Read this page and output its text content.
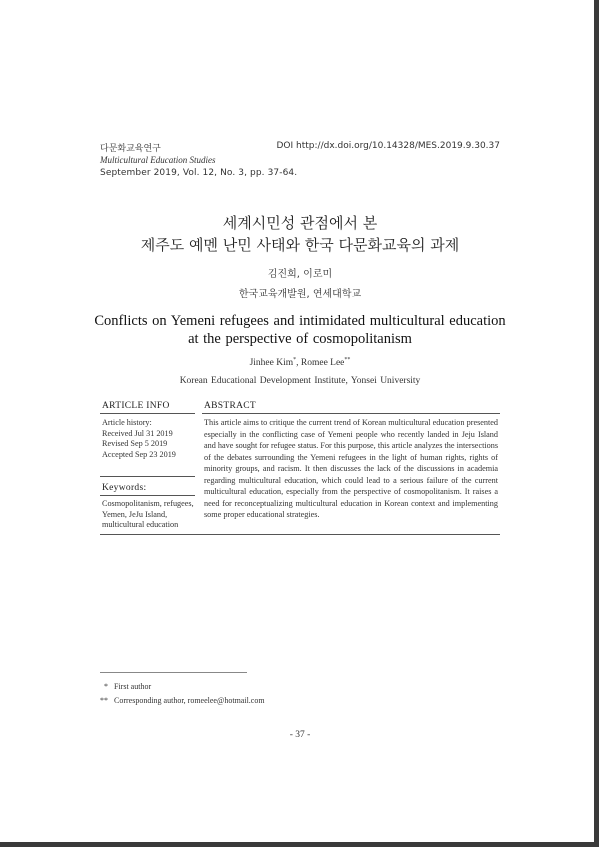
다문화교육연구
Multicultural Education Studies
September 2019, Vol. 12, No. 3, pp. 37-64.
DOI http://dx.doi.org/10.14328/MES.2019.9.30.37
세계시민성 관점에서 본
제주도 예멘 난민 사태와 한국 다문화교육의 과제
김진희, 이로미
한국교육개발원, 연세대학교
Conflicts on Yemeni refugees and intimidated multicultural education
at the perspective of cosmopolitanism
Jinhee Kim*, Romee Lee**
Korean Educational Development Institute, Yonsei University
ARTICLE INFO	ABSTRACT
Article history:
Received Jul 31 2019
Revised Sep 5 2019
Accepted Sep 23 2019
Keywords:
Cosmopolitanism, refugees,
Yemen, JeJu Island,
multicultural education
This article aims to critique the current trend of Korean multicultural education presented especially in the conflicting case of Yemeni people who recently landed in Jeju Island and have sought for refugee status. For this purpose, this article analyzes the intersections of the debates surrounding the Yemeni refugees in the light of human rights, rights of minority groups, and racism. It then discusses the lack of the discussions in academia regarding multicultural education, which could lead to a serious failure of the current multicultural education, especially from the perspective of cosmopolitanism. It raises a need for reconceptualizing multicultural education in Korean context and implementing some proper educational strategies.
* First author
** Corresponding author, romeelee@hotmail.com
- 37 -
